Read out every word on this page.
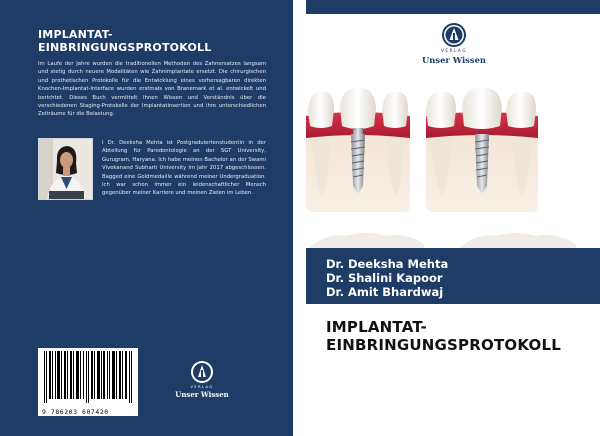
IMPLANTAT-EINBRINGUNGSPROTOKOLL
Im Laufe der Jahre wurden die traditionellen Methoden des Zahnersatzes langsam und stetig durch neuere Modalitäten wie Zahnimplantate ersetzt. Die chirurgischen und prothetischen Protokolle für die Entwicklung eines vorhersagbaren direkten Knochen-Implantat-Interface wurden erstmals von Branemark et al. entwickelt und berichtet. Dieses Buch vermittelt Ihnen Wissen und Verständnis über die verschiedenen Staging-Protokolle der Implantatinsertion und ihre unterschiedlichen Zeiträume für die Belastung.
I Dr. Deeksha Mehta ist Postgraduiertenstudentin in der Abteilung für Parodontologie an der SGT University, Gurugram, Haryana. Ich habe meinen Bachelor an der Swami Vivekanand Subharti University im Jahr 2017 abgeschlossen. Bagged eine Goldmedaille während meiner Undergraduation. Ich war schon immer ein leidenschaftlicher Mensch gegenüber meiner Karriere und meinen Zielen im Leben.
9 786203 607420
VERLAG
Unser Wissen
VERLAG
Unser Wissen
Dr. Deeksha Mehta
Dr. Shalini Kapoor
Dr. Amit Bhardwaj
IMPLANTAT-EINBRINGUNGSPROTOKOLL
